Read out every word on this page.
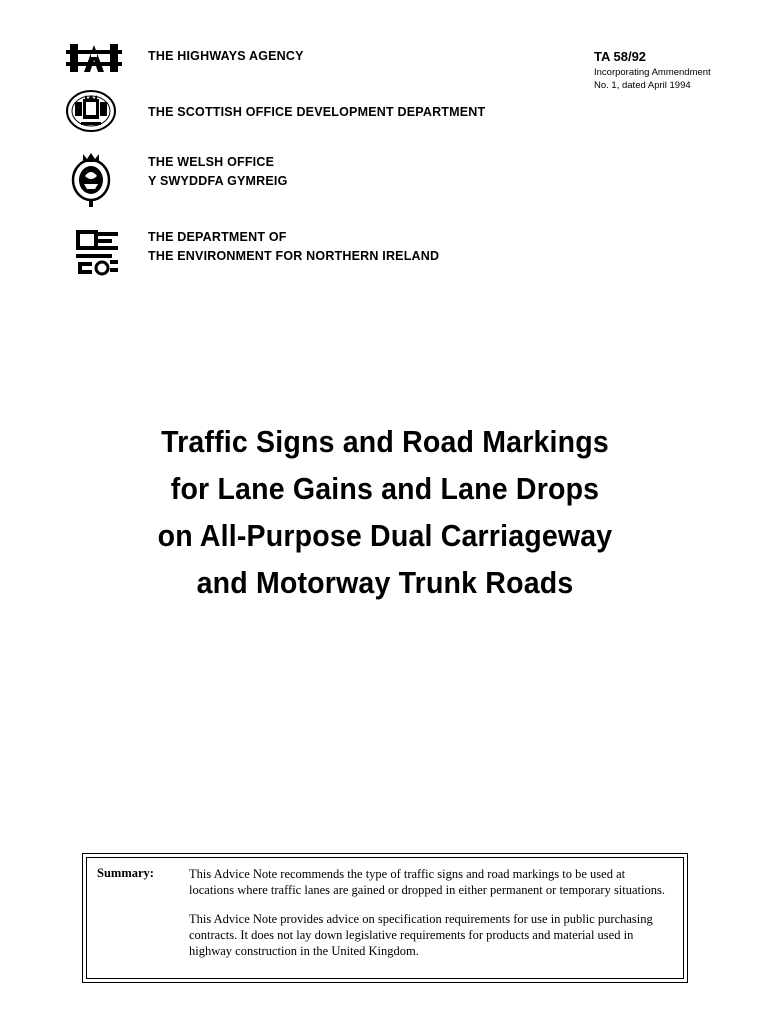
THE HIGHWAYS AGENCY
THE SCOTTISH OFFICE DEVELOPMENT DEPARTMENT
THE WELSH OFFICE
Y SWYDDFA GYMREIG
THE DEPARTMENT OF
THE ENVIRONMENT FOR NORTHERN IRELAND
TA 58/92
Incorporating Ammendment
No. 1, dated April 1994
Traffic Signs and Road Markings
for Lane Gains and Lane Drops
on All-Purpose Dual Carriageway
and Motorway Trunk Roads
Summary:	This Advice Note recommends the type of traffic signs and road markings to be used at locations where traffic lanes are gained or dropped in either permanent or temporary situations.

This Advice Note provides advice on specification requirements for use in public purchasing contracts. It does not lay down legislative requirements for products and material used in highway construction in the United Kingdom.
